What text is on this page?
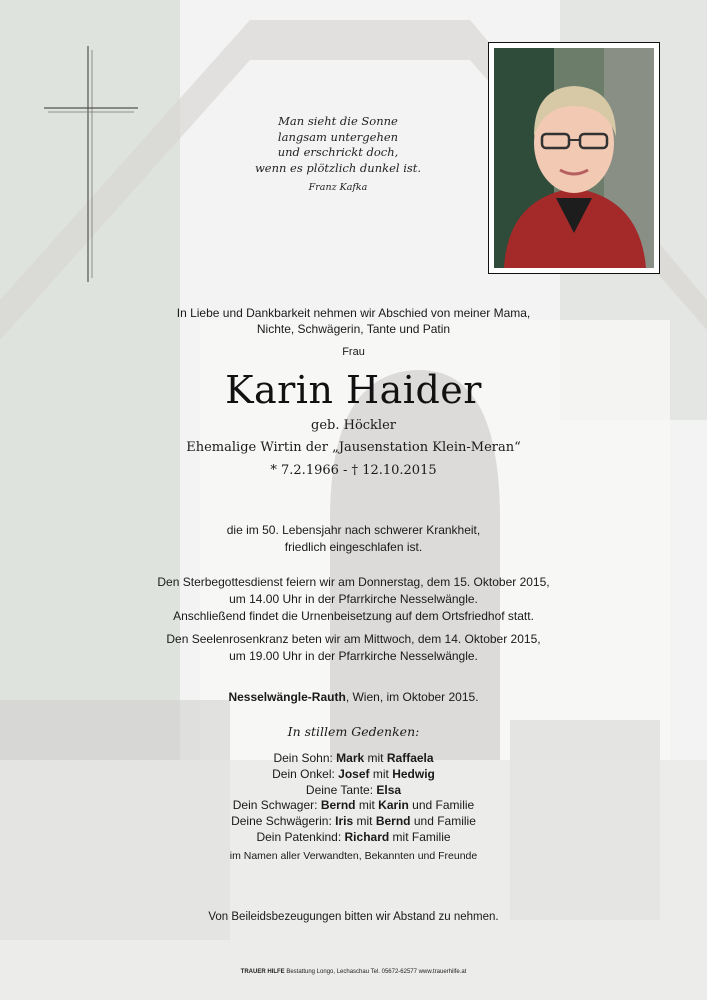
Man sieht die Sonne
langsam untergehen
und erschrickt doch,
wenn es plötzlich dunkel ist.
Franz Kafka
In Liebe und Dankbarkeit nehmen wir Abschied von meiner Mama,
Nichte, Schwägerin, Tante und Patin
Frau
Karin Haider
geb. Höckler
Ehemalige Wirtin der „Jausenstation Klein-Meran“
* 7.2.1966 - † 12.10.2015
die im 50. Lebensjahr nach schwerer Krankheit,
friedlich eingeschlafen ist.
Den Sterbegottesdienst feiern wir am Donnerstag, dem 15. Oktober 2015,
um 14.00 Uhr in der Pfarrkirche Nesselwängle.
Anschließend findet die Urnenbeisetzung auf dem Ortsfriedhof statt.
Den Seelenrosenkranz beten wir am Mittwoch, dem 14. Oktober 2015,
um 19.00 Uhr in der Pfarrkirche Nesselwängle.
Nesselwängle-Rauth, Wien, im Oktober 2015.
In stillem Gedenken:
Dein Sohn: Mark mit Raffaela
Dein Onkel: Josef mit Hedwig
Deine Tante: Elsa
Dein Schwager: Bernd mit Karin und Familie
Deine Schwägerin: Iris mit Bernd und Familie
Dein Patenkind: Richard mit Familie
im Namen aller Verwandten, Bekannten und Freunde
Von Beileidsbezeugungen bitten wir Abstand zu nehmen.
TRAUER HILFE Bestattung Longo, Lechaschau Tel. 05672-62577 www.trauerhilfe.at
